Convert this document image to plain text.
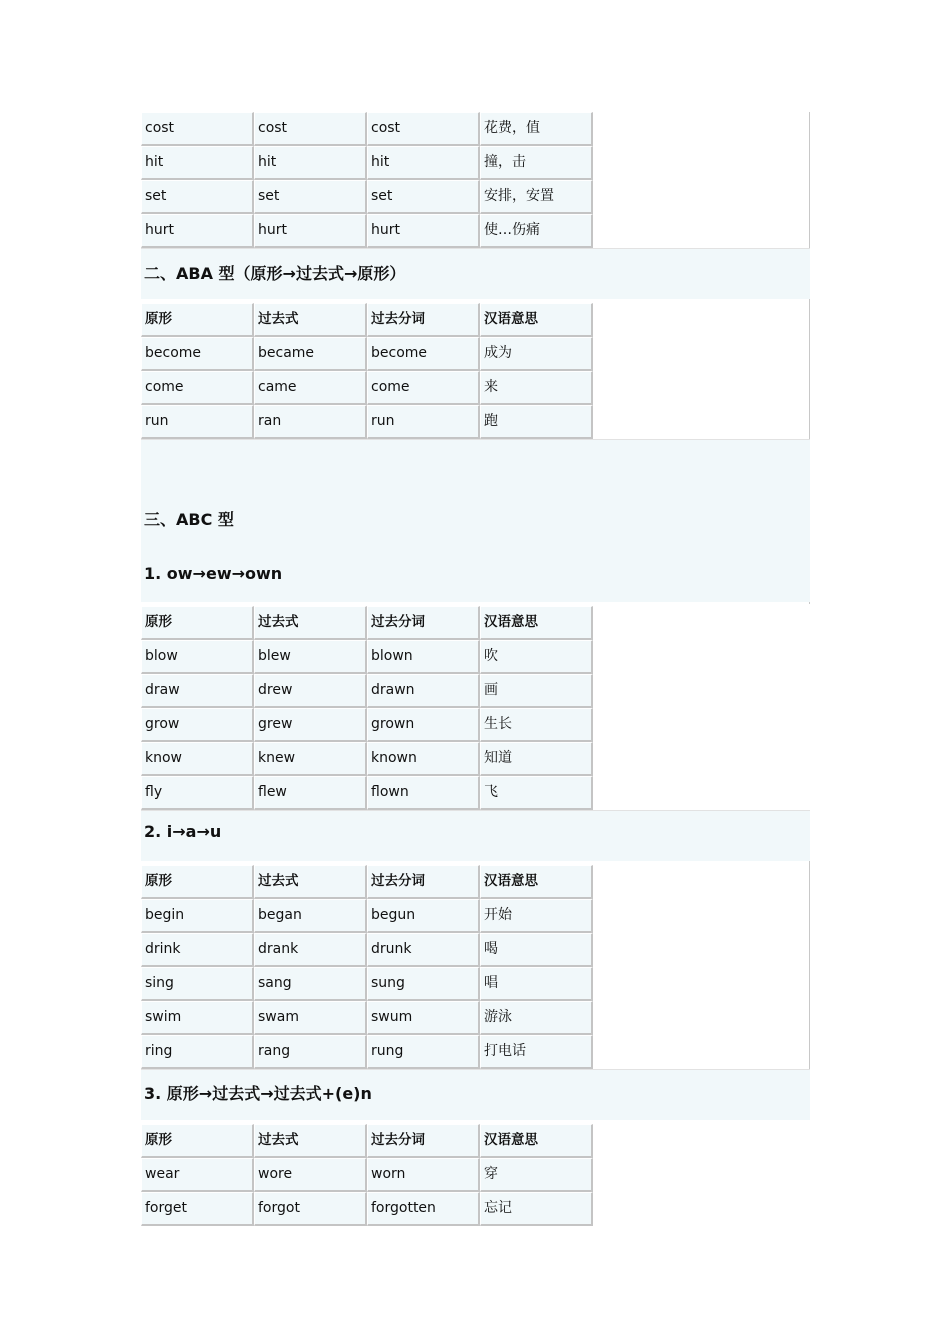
cost	cost	cost	花费，值
hit	hit	hit	撞，击
set	set	set	安排，安置
hurt	hurt	hurt	使…伤痛
二、ABA 型（原形→过去式→原形）
原形	过去式	过去分词	汉语意思
become	became	become	成为
come	came	come	来
run	ran	run	跑
三、ABC 型
1. ow→ew→own
原形	过去式	过去分词	汉语意思
blow	blew	blown	吹
draw	drew	drawn	画
grow	grew	grown	生长
know	knew	known	知道
fly	flew	flown	飞
2. i→a→u
原形	过去式	过去分词	汉语意思
begin	began	begun	开始
drink	drank	drunk	喝
sing	sang	sung	唱
swim	swam	swum	游泳
ring	rang	rung	打电话
3. 原形→过去式→过去式+(e)n
原形	过去式	过去分词	汉语意思
wear	wore	worn	穿
forget	forgot	forgotten	忘记
